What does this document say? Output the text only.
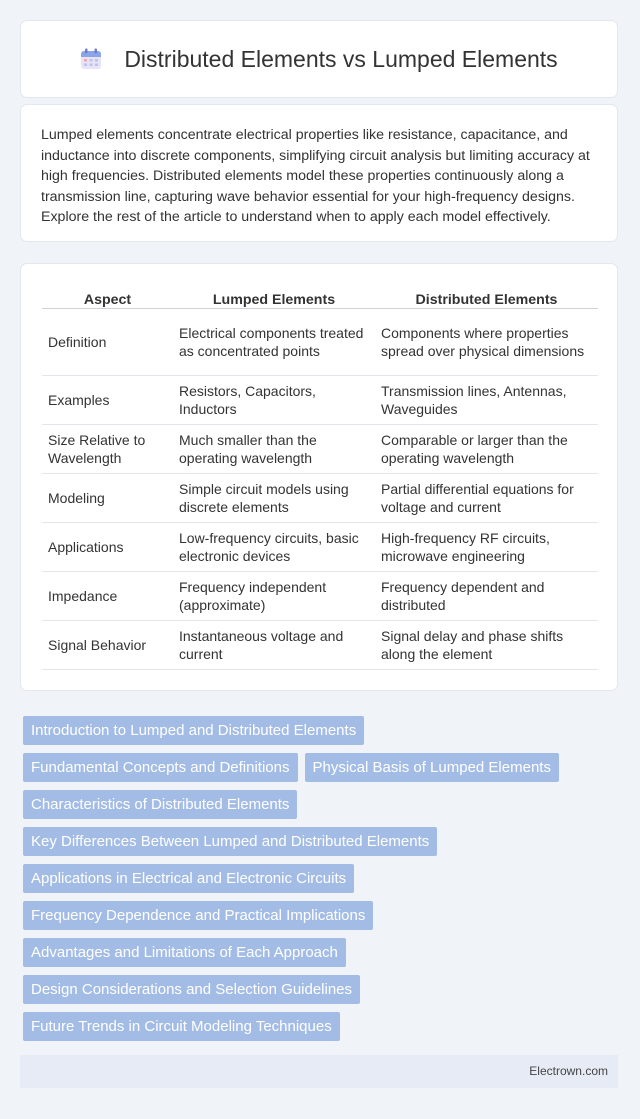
Distributed Elements vs Lumped Elements

Lumped elements concentrate electrical properties like resistance, capacitance, and inductance into discrete components, simplifying circuit analysis but limiting accuracy at high frequencies. Distributed elements model these properties continuously along a transmission line, capturing wave behavior essential for your high-frequency designs. Explore the rest of the article to understand when to apply each model effectively.

Aspect	Lumped Elements	Distributed Elements
Definition	Electrical components treated as concentrated points	Components where properties spread over physical dimensions
Examples	Resistors, Capacitors, Inductors	Transmission lines, Antennas, Waveguides
Size Relative to Wavelength	Much smaller than the operating wavelength	Comparable or larger than the operating wavelength
Modeling	Simple circuit models using discrete elements	Partial differential equations for voltage and current
Applications	Low-frequency circuits, basic electronic devices	High-frequency RF circuits, microwave engineering
Impedance	Frequency independent (approximate)	Frequency dependent and distributed
Signal Behavior	Instantaneous voltage and current	Signal delay and phase shifts along the element
Introduction to Lumped and Distributed Elements
Fundamental Concepts and Definitions	Physical Basis of Lumped Elements
Characteristics of Distributed Elements
Key Differences Between Lumped and Distributed Elements
Applications in Electrical and Electronic Circuits
Frequency Dependence and Practical Implications
Advantages and Limitations of Each Approach
Design Considerations and Selection Guidelines
Future Trends in Circuit Modeling Techniques
Electrown.com
